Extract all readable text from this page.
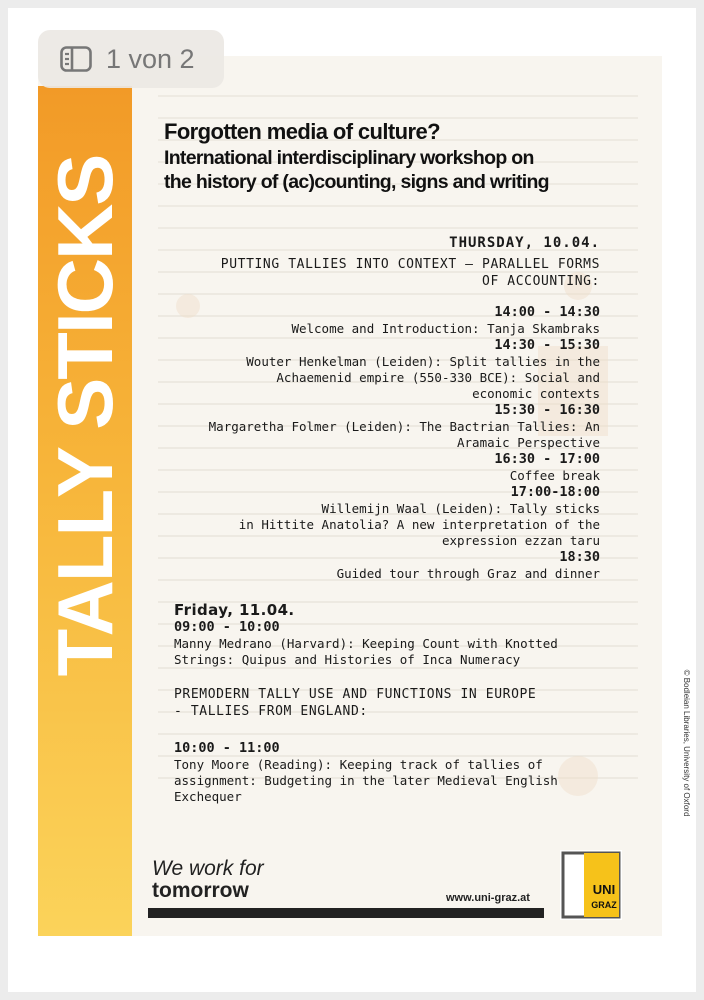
TALLY STICKS
Forgotten media of culture?
International interdisciplinary workshop on
the history of (ac)counting, signs and writing
THURSDAY, 10.04.
PUTTING TALLIES INTO CONTEXT – PARALLEL FORMS
OF ACCOUNTING:
14:00 - 14:30
Welcome and Introduction: Tanja Skambraks
14:30 - 15:30
Wouter Henkelman (Leiden): Split tallies in the
Achaemenid empire (550-330 BCE): Social and
economic contexts
15:30 - 16:30
Margaretha Folmer (Leiden): The Bactrian Tallies: An
Aramaic Perspective
16:30 - 17:00
Coffee break
17:00-18:00
Willemijn Waal (Leiden): Tally sticks
in Hittite Anatolia? A new interpretation of the
expression ezzan taru
18:30
Guided tour through Graz and dinner
Friday, 11.04.
09:00 - 10:00
Manny Medrano (Harvard): Keeping Count with Knotted
Strings: Quipus and Histories of Inca Numeracy
PREMODERN TALLY USE AND FUNCTIONS IN EUROPE
- TALLIES FROM ENGLAND:
10:00 - 11:00
Tony Moore (Reading): Keeping track of tallies of
assignment: Budgeting in the later Medieval English
Exchequer
We work for
tomorrow	www.uni-graz.at
UNI
GRAZ
© Bodleian Libraries, University of Oxford
1 von 2
